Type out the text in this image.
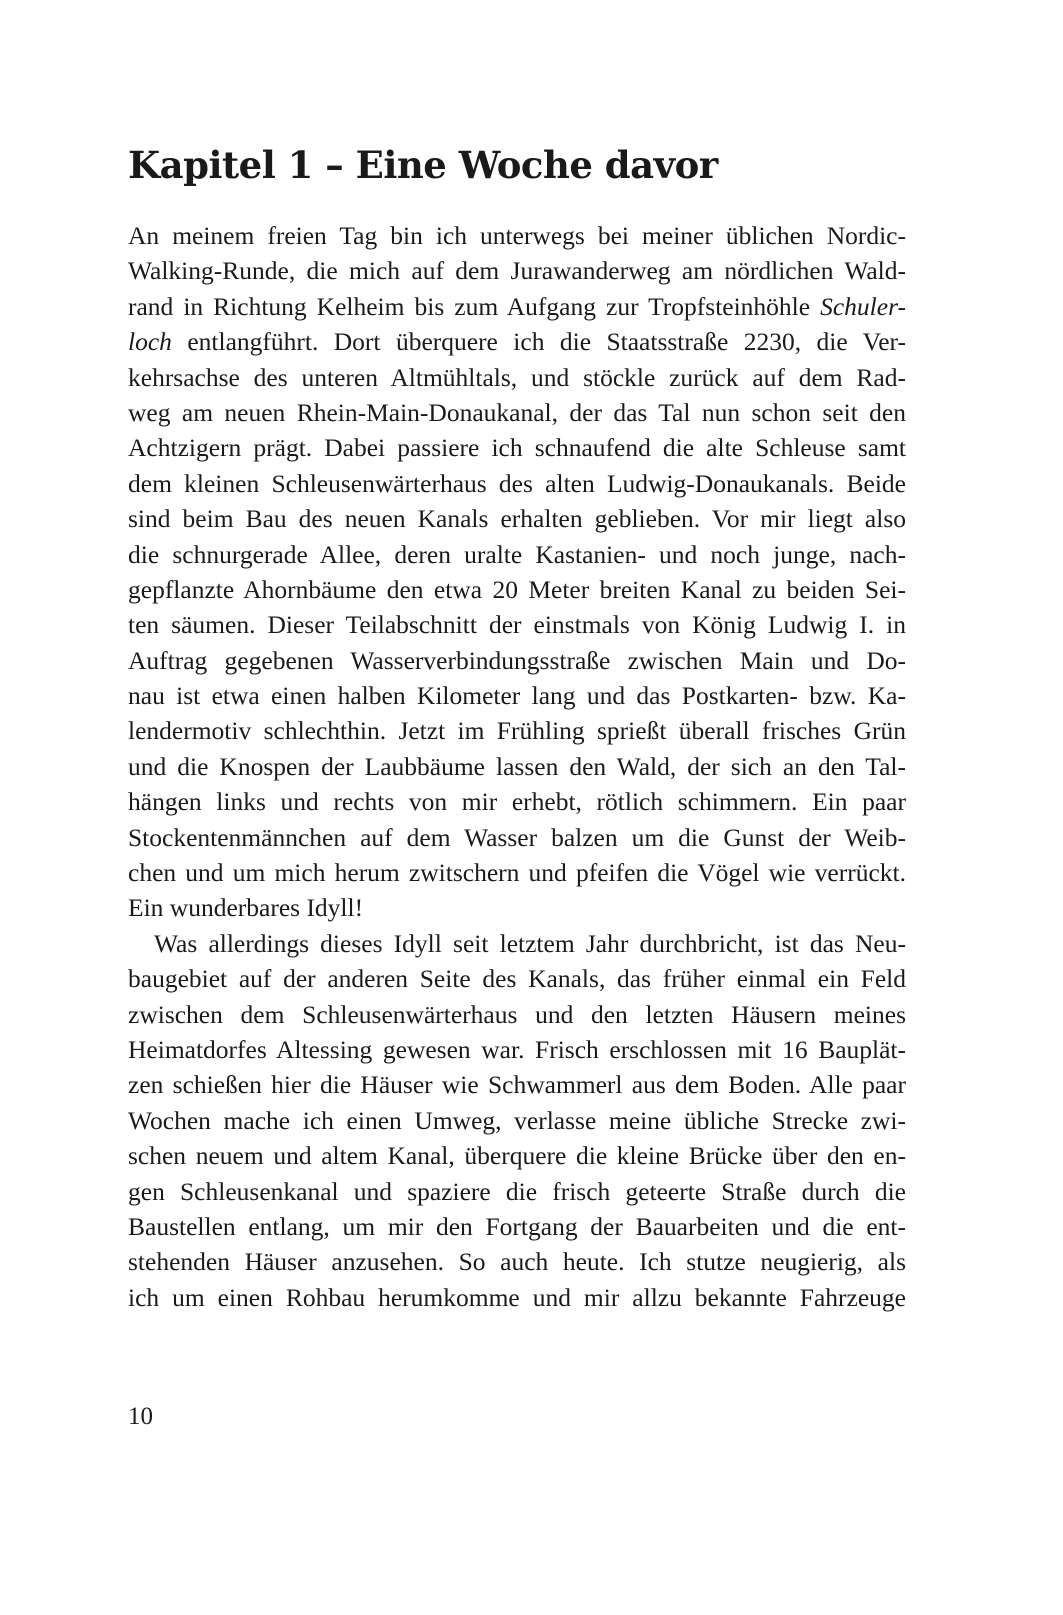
Kapitel 1 – Eine Woche davor
An meinem freien Tag bin ich unterwegs bei meiner üblichen Nordic-
Walking-Runde, die mich auf dem Jurawanderweg am nördlichen Wald-
rand in Richtung Kelheim bis zum Aufgang zur Tropfsteinhöhle Schuler-
loch entlangführt. Dort überquere ich die Staatsstraße 2230, die Ver-
kehrsachse des unteren Altmühltals, und stöckle zurück auf dem Rad-
weg am neuen Rhein-Main-Donaukanal, der das Tal nun schon seit den
Achtzigern prägt. Dabei passiere ich schnaufend die alte Schleuse samt
dem kleinen Schleusenwärterhaus des alten Ludwig-Donaukanals. Beide
sind beim Bau des neuen Kanals erhalten geblieben. Vor mir liegt also
die schnurgerade Allee, deren uralte Kastanien- und noch junge, nach-
gepflanzte Ahornbäume den etwa 20 Meter breiten Kanal zu beiden Sei-
ten säumen. Dieser Teilabschnitt der einstmals von König Ludwig I. in
Auftrag gegebenen Wasserverbindungsstraße zwischen Main und Do-
nau ist etwa einen halben Kilometer lang und das Postkarten- bzw. Ka-
lendermotiv schlechthin. Jetzt im Frühling sprießt überall frisches Grün
und die Knospen der Laubbäume lassen den Wald, der sich an den Tal-
hängen links und rechts von mir erhebt, rötlich schimmern. Ein paar
Stockentenmännchen auf dem Wasser balzen um die Gunst der Weib-
chen und um mich herum zwitschern und pfeifen die Vögel wie verrückt.
Ein wunderbares Idyll!
Was allerdings dieses Idyll seit letztem Jahr durchbricht, ist das Neu-
baugebiet auf der anderen Seite des Kanals, das früher einmal ein Feld
zwischen dem Schleusenwärterhaus und den letzten Häusern meines
Heimatdorfes Altessing gewesen war. Frisch erschlossen mit 16 Bauplät-
zen schießen hier die Häuser wie Schwammerl aus dem Boden. Alle paar
Wochen mache ich einen Umweg, verlasse meine übliche Strecke zwi-
schen neuem und altem Kanal, überquere die kleine Brücke über den en-
gen Schleusenkanal und spaziere die frisch geteerte Straße durch die
Baustellen entlang, um mir den Fortgang der Bauarbeiten und die ent-
stehenden Häuser anzusehen. So auch heute. Ich stutze neugierig, als
ich um einen Rohbau herumkomme und mir allzu bekannte Fahrzeuge
10
